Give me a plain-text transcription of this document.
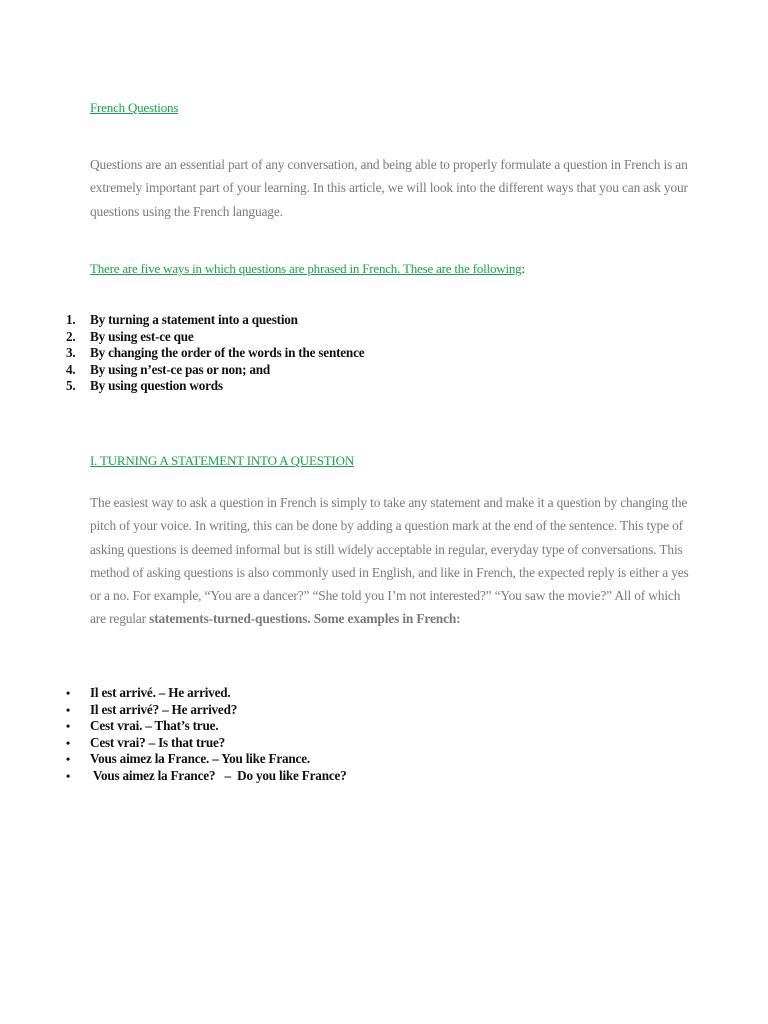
French Questions

Questions are an essential part of any conversation, and being able to properly formulate a question in French is an extremely important part of your learning. In this article, we will look into the different ways that you can ask your questions using the French language.

There are five ways in which questions are phrased in French. These are the following:
1.	By turning a statement into a question
2.	By using est-ce que
3.	By changing the order of the words in the sentence
4.	By using n’est-ce pas or non; and
5.	By using question words
I. TURNING A STATEMENT INTO A QUESTION

The easiest way to ask a question in French is simply to take any statement and make it a question by changing the pitch of your voice. In writing, this can be done by adding a question mark at the end of the sentence. This type of asking questions is deemed informal but is still widely acceptable in regular, everyday type of conversations. This method of asking questions is also commonly used in English, and like in French, the expected reply is either a yes or a no. For example, “You are a dancer?” “She told you I’m not interested?” “You saw the movie?” All of which are regular statements-turned-questions. Some examples in French:

• Il est arrivé. – He arrived.
• Il est arrivé? – He arrived?
• Cest vrai. – That’s true.
• Cest vrai? – Is that true?
• Vous aimez la France. – You like France.
• Vous aimez la France?   –  Do you like France?
